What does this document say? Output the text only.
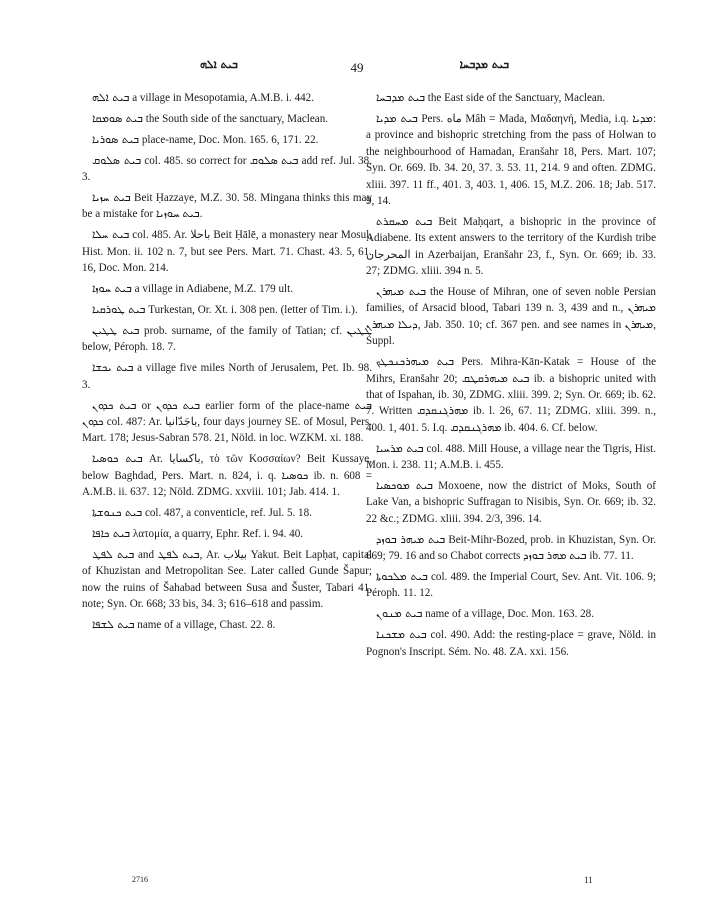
ܒܝܬ ܐܠܗ	49	ܒܝܬ ܡܕܒܚܐ

ܒܝܬ ܐܠܗ a village in Mesopotamia, A.M.B. i. 442.

ܒܝܬ ܣܘܡܩܐ the South side of the sanctuary, Maclean.

ܒܝܬ ܣܘܪܝܐ place-name, Doc. Mon. 165. 6, 171. 22.

ܒܝܬ ܣܠܘܩ col. 485. so correct for ܒܝܬ ܣܠܘܩ add ref. Jul. 38. 3.

ܒܝܬ ܚܙܝܐ Beit Ḥazzaye, M.Z. 30. 58. Mingana thinks this may be a mistake for ܒܝܬ ܚܘܙܝܐ.

ܒܝܬ ܚܠܐ col. 485. Ar. باحلا Beit Ḥālē, a monastery near Mosul, Hist. Mon. ii. 102 n. 7, but see Pers. Mart. 71. Chast. 43. 5, 61. 16, Doc. Mon. 214.

ܒܝܬ ܚܘܙܐ a village in Adiabene, M.Z. 179 ult.

ܒܝܬ ܛܘܪܩܝܐ Turkestan, Or. Xt. i. 308 pen. (letter of Tim. i.).

ܒܝܬ ܛܛܝܢ prob. surname, of the family of Tatian; cf. ܛܛܝܢ below, Péroph. 18. 7.

ܒܝܬ ܝܟܫܐ a village five miles North of Jerusalem, Pet. Ib. 98. 3.

ܒܝܬ ܟܕܘܢ or ܒܝܬ ܟܕܘܢ earlier form of the place-name ܒܝܬ ܟܕܘܢ col. 487: Ar. باجَدّانيا, four days journey SE. of Mosul, Pers. Mart. 178; Jesus-Sabran 578. 21, Nöld. in loc. WZKM. xi. 188.

ܒܝܬ ܟܘܣܝܐ Ar. باكسايا, τὸ τῶν Κοσσαίων? Beit Kussaye, below Baghdad, Pers. Mart. n. 824, i. q. ܟܘܣܝܐ ib. n. 608 = A.M.B. ii. 637. 12; Nöld. ZDMG. xxviii. 101; Jab. 414. 1.

ܒܝܬ ܟܢܘܫܬܐ col. 487, a conventicle, ref. Jul. 5. 18.

ܒܝܬ ܟܐܦܐ λατομία, a quarry, Ephr. Ref. i. 94. 40.

ܒܝܬ ܠܦܛ and ܒܝܬ ܠܦܛ, Ar. بيلاب Yakut. Beit Lapḥat, capital of Khuzistan and Metropolitan See. Later called Gunde Šapur; now the ruins of Šahabad between Susa and Šuster, Tabari 41. note; Syn. Or. 668; 33 bis, 34. 3; 616–618 and passim.

ܒܝܬ ܠܫܦܐ name of a village, Chast. 22. 8.

ܒܝܬ ܡܕܒܚܐ the East side of the Sanctuary, Maclean.

ܒܝܬ ܡܕܝܐ Pers. ماه Mâh = Mada, Μαδαηνή, Media, i.q. ܡܕܝܐ: a province and bishopric stretching from the pass of Holwan to the neighbourhood of Hamadan, Eranšahr 18, Pers. Mart. 107; Syn. Or. 669. Ib. 34. 20, 37. 3. 53. 11, 214. 9 and often. ZDMG. xliii. 397. 11 ff., 401. 3, 403. 1, 406. 15, M.Z. 206. 18; Jab. 517. 9, 14.

ܒܝܬ ܡܚܩܪܬ Beit Maḥqart, a bishopric in the province of Adiabene. Its extent answers to the territory of the Kurdish tribe المحرجان in Azerbaijan, Eranšahr 23, f., Syn. Or. 669; ib. 33. 27; ZDMG. xliii. 394 n. 5.

ܒܝܬ ܡܝܗܪܢ the House of Mihran, one of seven noble Persian families, of Arsacid blood, Tabari 139 n. 3, 439 and n., ܡܝܗܪܢ ܕܝܠܐ ܡܝܗܪܢ, Jab. 350. 10; cf. 367 pen. and see names in ܡܝܗܪܢ, Suppl.

ܒܝܬ ܡܝܗܪܟܢܟܛܟ Pers. Mihra-Kān-Katak = House of the Mihrs, Eranšahr 20; ܒܝܬ ܡܝܗܪܩܛܩ ib. a bishopric united with that of Ispahan, ib. 30, ZDMG. xliii. 399. 2; Syn. Or. 669; ib. 62. 7. Written ܡܗܪܓܢܩܕܩ ib. l. 26, 67. 11; ZDMG. xliii. 399. n., 400. 1, 401. 5. I.q. ܡܗܪܓܢܩܕܩ ib. 404. 6. Cf. below.

ܒܝܬ ܡܪܚܝܐ col. 488. Mill House, a village near the Tigris, Hist. Mon. i. 238. 11; A.M.B. i. 455.

ܒܝܬ ܡܘܟܣܝܐ Moxoene, now the district of Moks, South of Lake Van, a bishopric Suffragan to Nisibis, Syn. Or. 669; ib. 32. 22 &c.; ZDMG. xliii. 394. 2/3, 396. 14.

ܒܝܬ ܡܝܗܪ ܒܘܙܕ Beit-Mihr-Bozed, prob. in Khuzistan, Syn. Or. 669; 79. 16 and so Chabot corrects ܒܝܬ ܡܗܪ ܒܘܙܕ ib. 77. 11.

ܒܝܬ ܡܠܟܘܬܐ col. 489. the Imperial Court, Sev. Ant. Vit. 106. 9; Péroph. 11. 12.

ܒܝܬ ܡܢܘܢ name of a village, Doc. Mon. 163. 28.

ܒܝܬ ܡܫܟܢܐ col. 490. Add: the resting-place = grave, Nöld. in Pognon's Inscript. Sém. No. 48. ZA. xxi. 156.

2716	11
